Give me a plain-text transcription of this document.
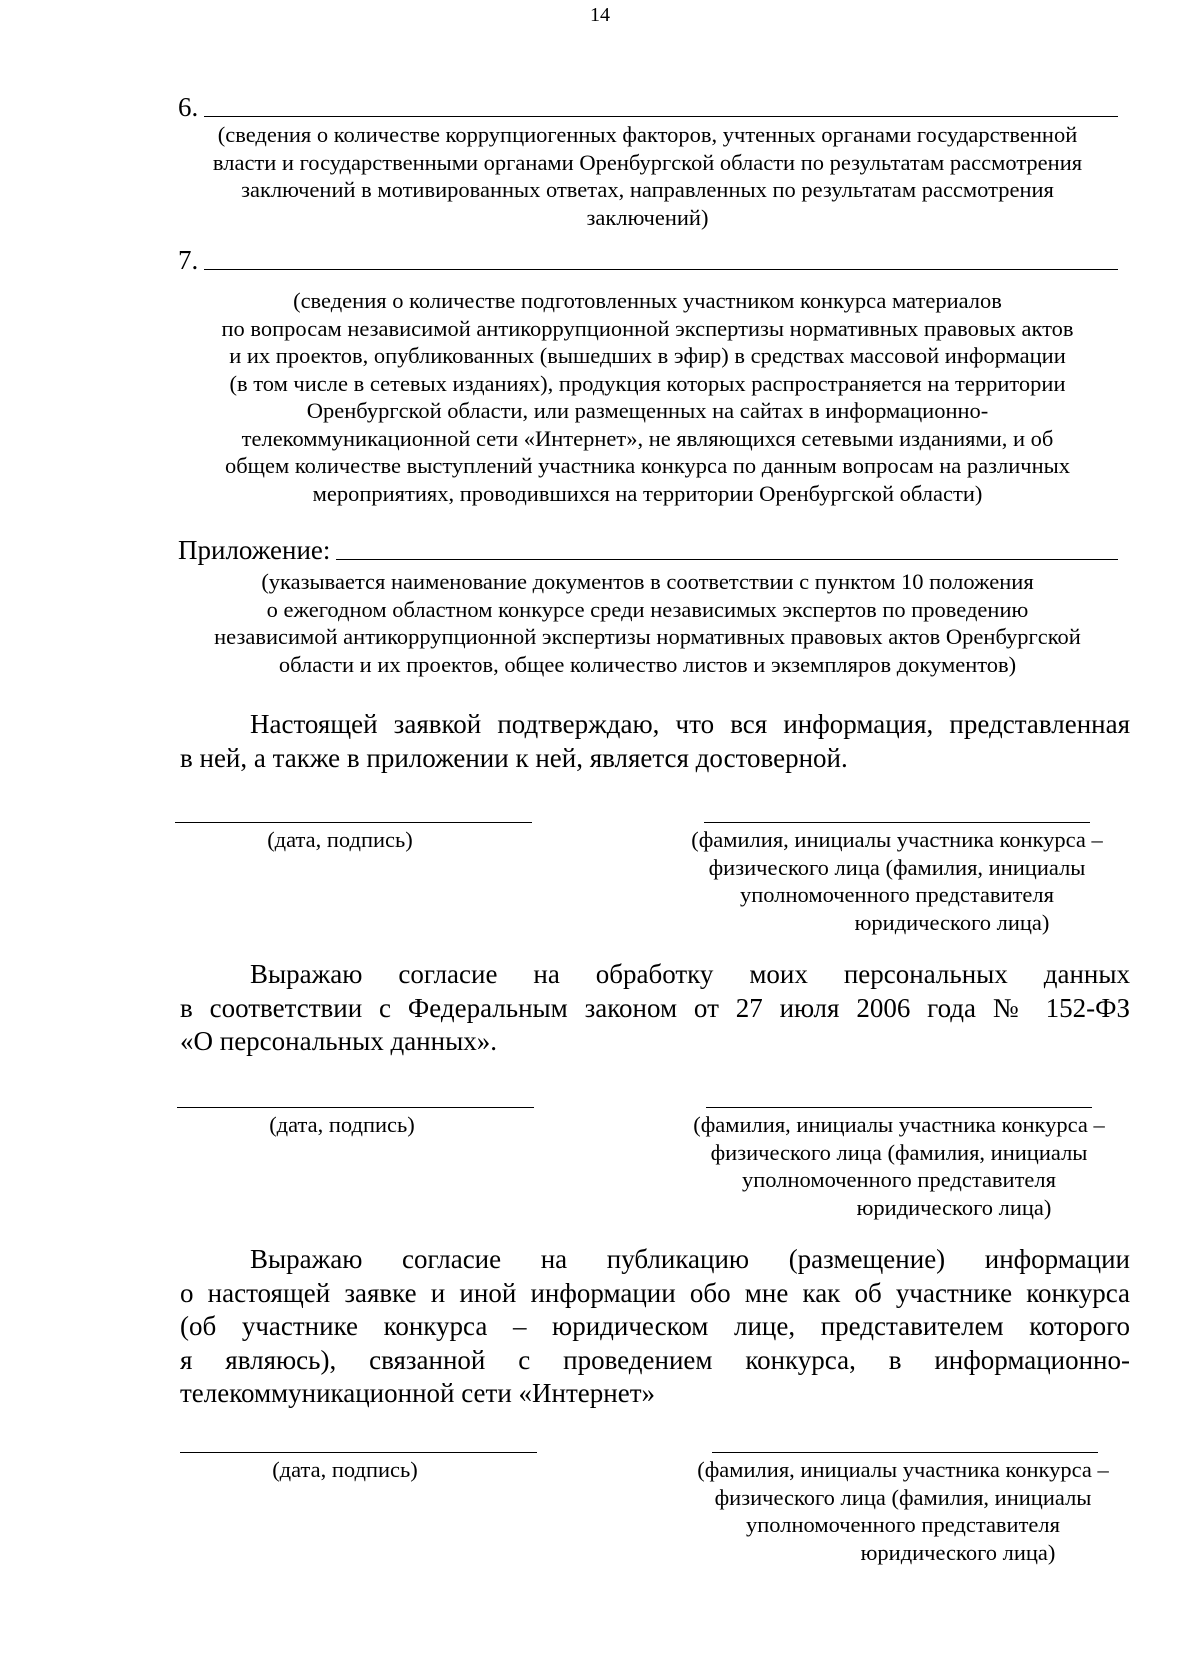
14
6.
(сведения о количестве коррупциогенных факторов, учтенных органами государственной
власти и государственными органами Оренбургской области по результатам рассмотрения
заключений в мотивированных ответах, направленных по результатам рассмотрения
заключений)
7.
(сведения о количестве подготовленных участником конкурса материалов
по вопросам независимой антикоррупционной экспертизы нормативных правовых актов
и их проектов, опубликованных (вышедших в эфир) в средствах массовой информации
(в том числе в сетевых изданиях), продукция которых распространяется на территории
Оренбургской области, или размещенных на сайтах в информационно-
телекоммуникационной сети «Интернет», не являющихся сетевыми изданиями, и об
общем количестве выступлений участника конкурса по данным вопросам на различных
мероприятиях, проводившихся на территории Оренбургской области)
Приложение:
(указывается наименование документов в соответствии с пунктом 10 положения
о ежегодном областном конкурсе среди независимых экспертов по проведению
независимой антикоррупционной экспертизы нормативных правовых актов Оренбургской
области и их проектов, общее количество листов и экземпляров документов)
Настоящей заявкой подтверждаю, что вся информация, представленная
в ней, а также в приложении к ней, является достоверной.
(дата, подпись)	(фамилия, инициалы участника конкурса –
физического лица (фамилия, инициалы
уполномоченного представителя
юридического лица)
Выражаю согласие на обработку моих персональных данных
в соответствии с Федеральным законом от 27 июля 2006 года № 152-ФЗ
«О персональных данных».
(дата, подпись)	(фамилия, инициалы участника конкурса –
физического лица (фамилия, инициалы
уполномоченного представителя
юридического лица)
Выражаю согласие на публикацию (размещение) информации
о настоящей заявке и иной информации обо мне как об участнике конкурса
(об участнике конкурса – юридическом лице, представителем которого
я являюсь), связанной с проведением конкурса, в информационно-
телекоммуникационной сети «Интернет»
(дата, подпись)	(фамилия, инициалы участника конкурса –
физического лица (фамилия, инициалы
уполномоченного представителя
юридического лица)
